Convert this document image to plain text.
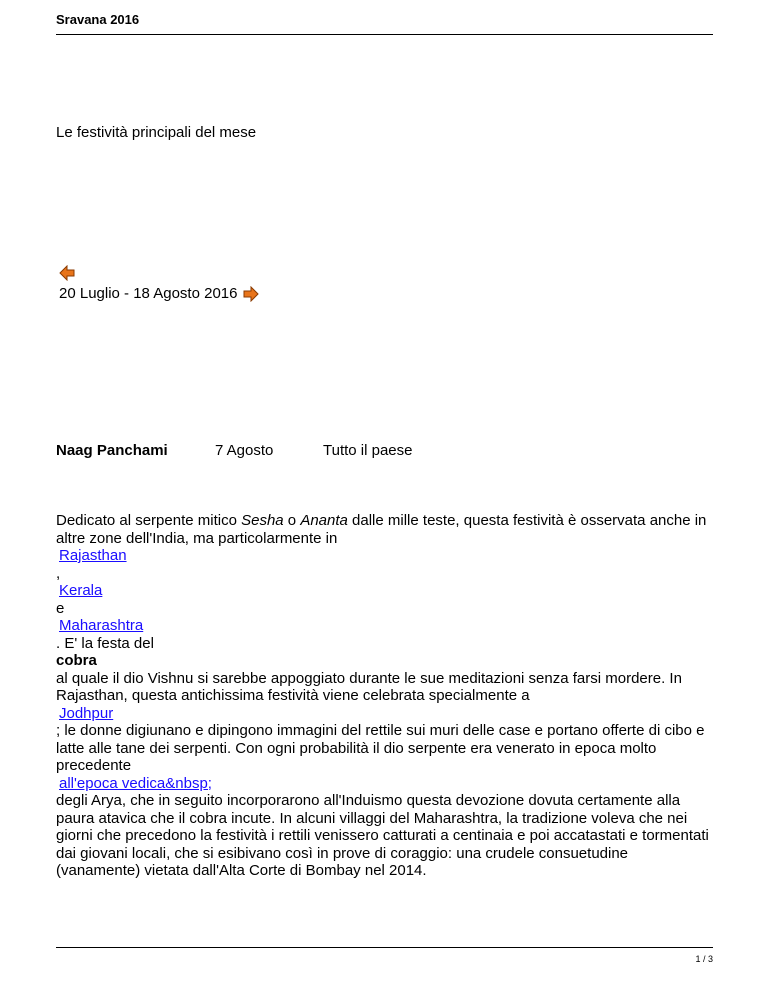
Sravana 2016
Le festività principali del mese
20 Luglio - 18 Agosto 2016
Naag Panchami	7 Agosto	Tutto il paese
Dedicato al serpente mitico Sesha o Ananta dalle mille teste, questa festività è osservata anche in altre zone dell'India, ma particolarmente in
Rajasthan
,
Kerala
e
Maharashtra
. E' la festa del
cobra
al quale il dio Vishnu si sarebbe appoggiato durante le sue meditazioni senza farsi mordere. In Rajasthan, questa antichissima festività viene celebrata specialmente a
Jodhpur
; le donne digiunano e dipingono immagini del rettile sui muri delle case e portano offerte di cibo e latte alle tane dei serpenti. Con ogni probabilità il dio serpente era venerato in epoca molto precedente
all'epoca vedica&nbsp;
degli Arya, che in seguito incorporarono all'Induismo questa devozione dovuta certamente alla paura atavica che il cobra incute. In alcuni villaggi del Maharashtra, la tradizione voleva che nei giorni che precedono la festività i rettili venissero catturati a centinaia e poi accatastati e tormentati dai giovani locali, che si esibivano così in prove di coraggio: una crudele consuetudine (vanamente) vietata dall'Alta Corte di Bombay nel 2014.
1 / 3
